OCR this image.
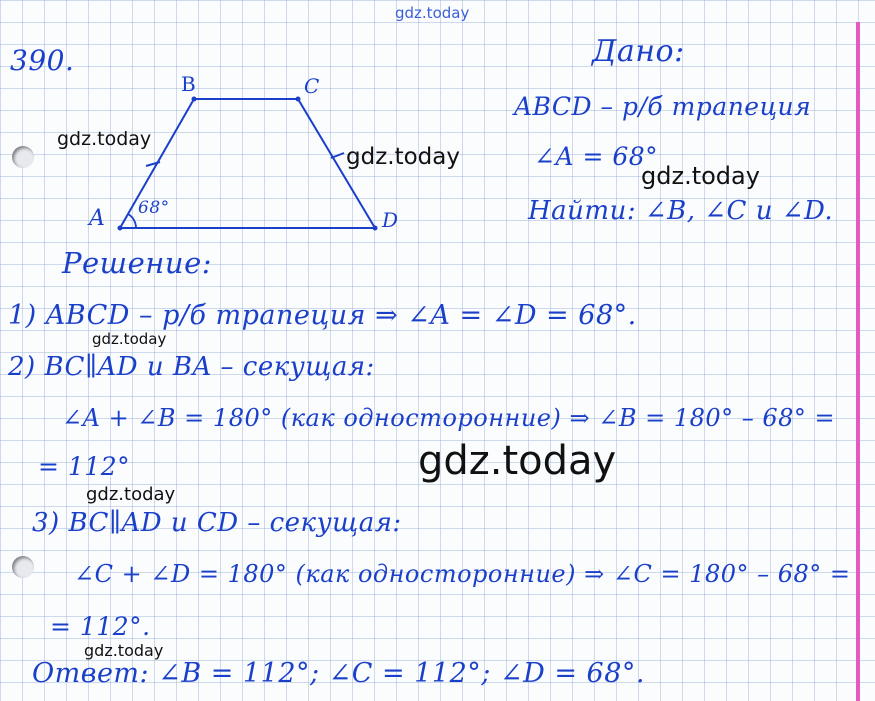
gdz.today
390.
B	C
A	D
68°
gdz.today
gdz.today
Дано:
ABCD – р/б трапеция
∠A = 68°
gdz.today
Найти: ∠B, ∠C и ∠D.
Решение:
1) ABCD – р/б трапеция ⇒ ∠A = ∠D = 68°.
gdz.today
2) BC∥AD и BA – секущая:
∠A + ∠B = 180° (как односторонние) ⇒ ∠B = 180° – 68° =
= 112°	gdz.today
gdz.today
3) BC∥AD и CD – секущая:
∠C + ∠D = 180° (как односторонние) ⇒ ∠C = 180° – 68° =
= 112°.
gdz.today
Ответ: ∠B = 112°; ∠C = 112°; ∠D = 68°.
